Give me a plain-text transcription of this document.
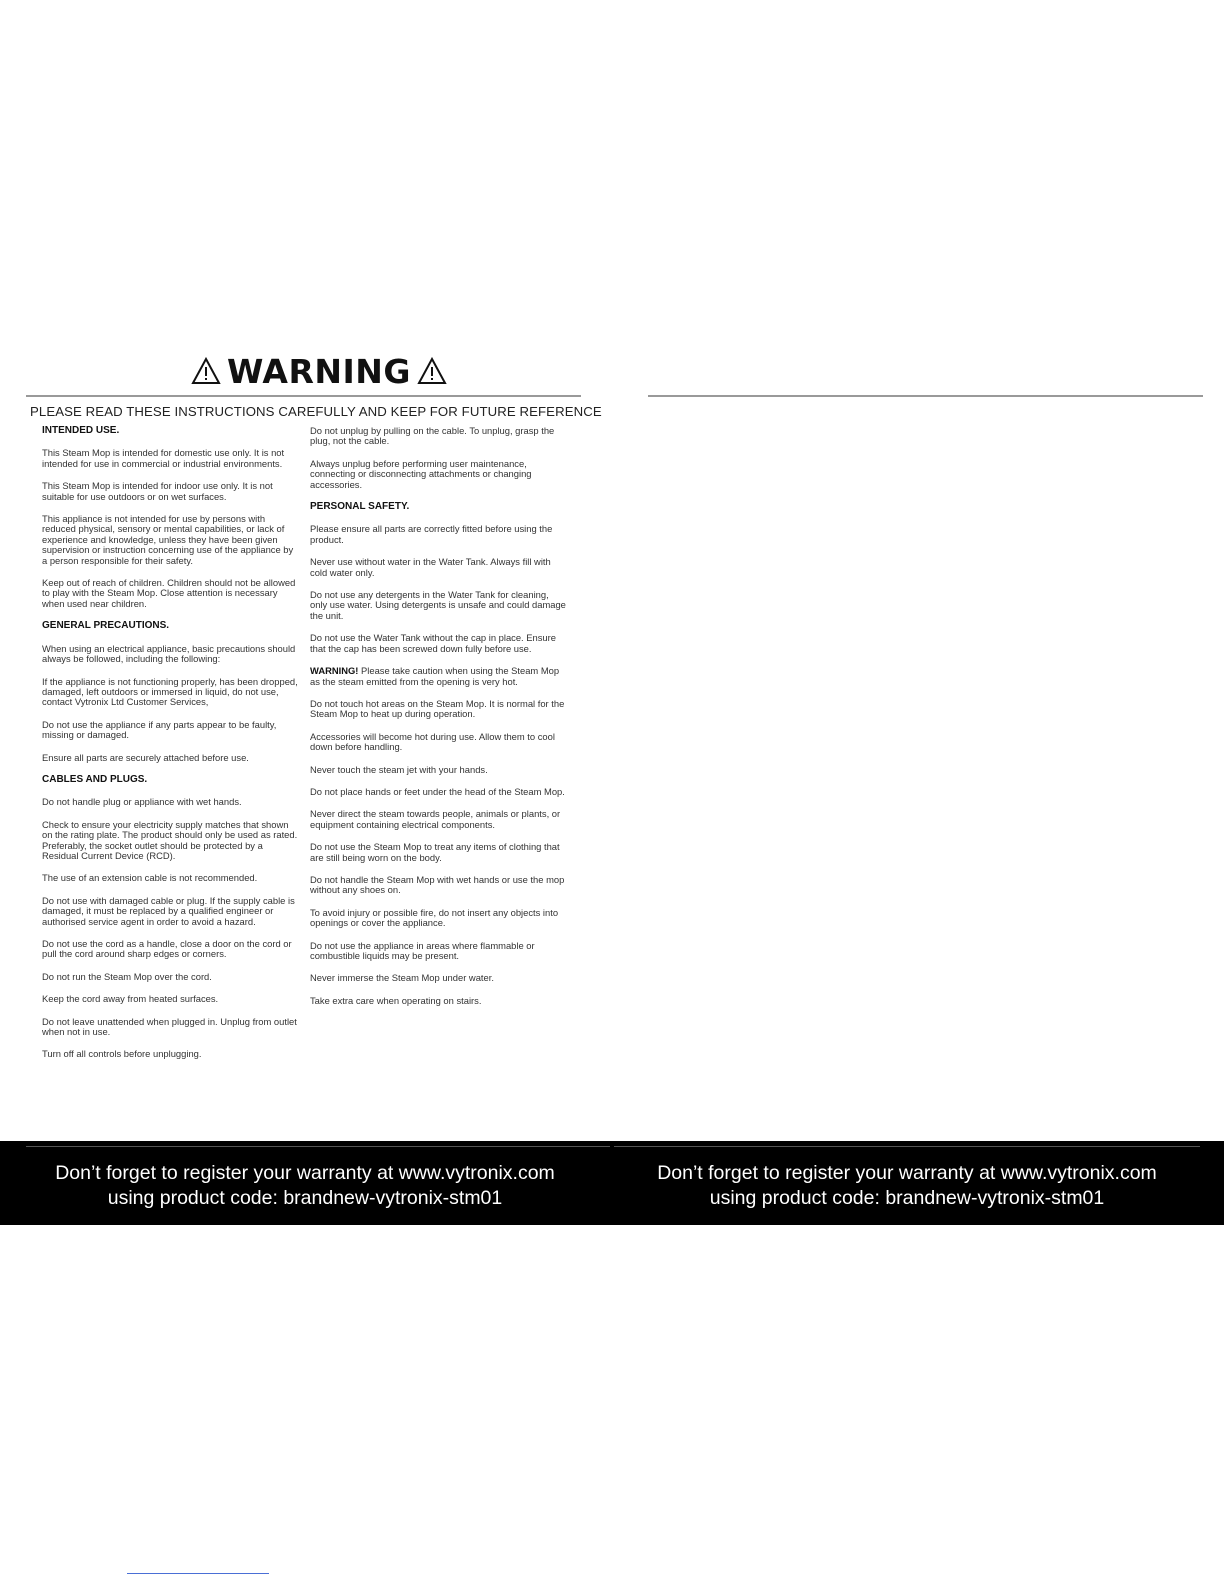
WARNING
PLEASE READ THESE INSTRUCTIONS CAREFULLY AND KEEP FOR FUTURE REFERENCE
INTENDED USE.

This Steam Mop is intended for domestic use only. It is not intended for use in commercial or industrial environments.

This Steam Mop is intended for indoor use only. It is not suitable for use outdoors or on wet surfaces.

This appliance is not intended for use by persons with reduced physical, sensory or mental capabilities, or lack of experience and knowledge, unless they have been given supervision or instruction concerning use of the appliance by a person responsible for their safety.

Keep out of reach of children. Children should not be allowed to play with the Steam Mop. Close attention is necessary when used near children.

GENERAL PRECAUTIONS.

When using an electrical appliance, basic precautions should always be followed, including the following:

If the appliance is not functioning properly, has been dropped, damaged, left outdoors or immersed in liquid, do not use, contact Vytronix Ltd Customer Services,

Do not use the appliance if any parts appear to be faulty, missing or damaged.

Ensure all parts are securely attached before use.

CABLES AND PLUGS.

Do not handle plug or appliance with wet hands.

Check to ensure your electricity supply matches that shown on the rating plate. The product should only be used as rated. Preferably, the socket outlet should be protected by a Residual Current Device (RCD).

The use of an extension cable is not recommended.

Do not use with damaged cable or plug. If the supply cable is damaged, it must be replaced by a qualified engineer or authorised service agent in order to avoid a hazard.

Do not use the cord as a handle, close a door on the cord or pull the cord around sharp edges or corners.

Do not run the Steam Mop over the cord.

Keep the cord away from heated surfaces.

Do not leave unattended when plugged in. Unplug from outlet when not in use.

Turn off all controls before unplugging.

Do not unplug by pulling on the cable. To unplug, grasp the plug, not the cable.

Always unplug before performing user maintenance, connecting or disconnecting attachments or changing accessories.

PERSONAL SAFETY.

Please ensure all parts are correctly fitted before using the product.

Never use without water in the Water Tank. Always fill with cold water only.

Do not use any detergents in the Water Tank for cleaning, only use water. Using detergents is unsafe and could damage the unit.

Do not use the Water Tank without the cap in place. Ensure that the cap has been screwed down fully before use.

WARNING! Please take caution when using the Steam Mop as the steam emitted from the opening is very hot.

Do not touch hot areas on the Steam Mop. It is normal for the Steam Mop to heat up during operation.

Accessories will become hot during use. Allow them to cool down before handling.

Never touch the steam jet with your hands.

Do not place hands or feet under the head of the Steam Mop.

Never direct the steam towards people, animals or plants, or equipment containing electrical components.

Do not use the Steam Mop to treat any items of clothing that are still being worn on the body.

Do not handle the Steam Mop with wet hands or use the mop without any shoes on.

To avoid injury or possible fire, do not insert any objects into openings or cover the appliance.

Do not use the appliance in areas where flammable or combustible liquids may be present.

Never immerse the Steam Mop under water.

Take extra care when operating on stairs.

Don’t forget to register your warranty at www.vytronix.com
using product code: brandnew-vytronix-stm01
Don’t forget to register your warranty at www.vytronix.com
using product code: brandnew-vytronix-stm01
